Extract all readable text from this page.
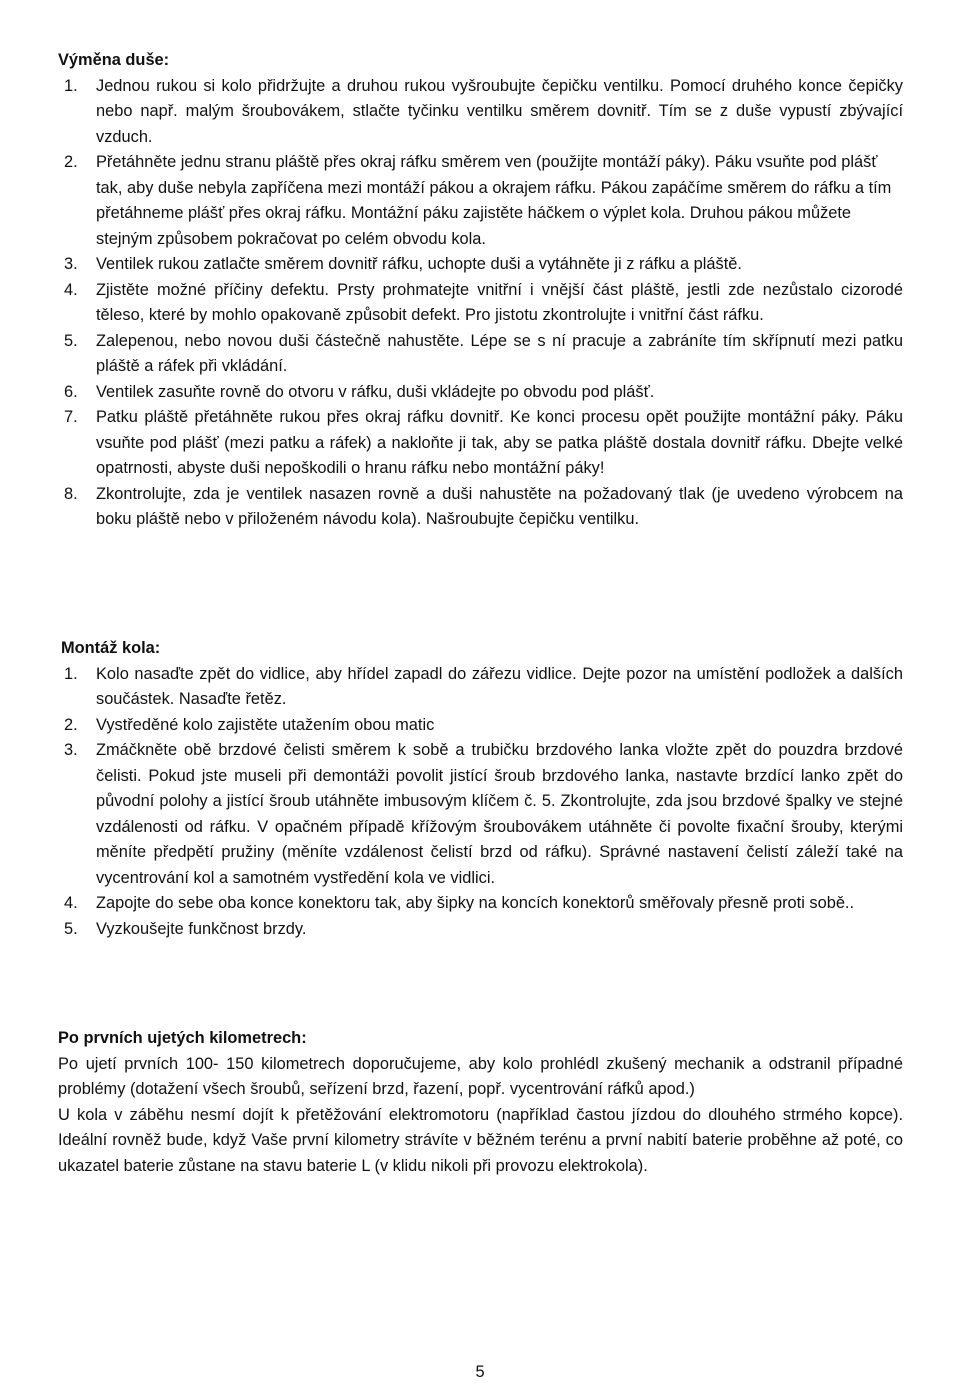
Výměna duše:
1. Jednou rukou si kolo přidržujte a druhou rukou vyšroubujte čepičku ventilku. Pomocí druhého konce čepičky nebo např. malým šroubovákem, stlačte tyčinku ventilku směrem dovnitř. Tím se z duše vypustí zbývající vzduch.
2. Přetáhněte jednu stranu pláště přes okraj ráfku směrem ven (použijte montáží páky). Páku vsuňte pod plášť tak, aby duše nebyla zapříčena mezi montáží pákou a okrajem ráfku. Pákou zapáčíme směrem do ráfku a tím přetáhneme plášť přes okraj ráfku. Montážní páku zajistěte háčkem o výplet kola. Druhou pákou můžete stejným způsobem pokračovat po celém obvodu kola.
3. Ventilek rukou zatlačte směrem dovnitř ráfku, uchopte duši a vytáhněte ji z ráfku a pláště.
4. Zjistěte možné příčiny defektu. Prsty prohmatejte vnitřní i vnější část pláště, jestli zde nezůstalo cizorodé těleso, které by mohlo opakovaně způsobit defekt. Pro jistotu zkontrolujte i vnitřní část ráfku.
5. Zalepenou, nebo novou duši částečně nahustěte. Lépe se s ní pracuje a zabráníte tím skřípnutí mezi patku pláště a ráfek při vkládání.
6. Ventilek zasuňte rovně do otvoru v ráfku, duši vkládejte po obvodu pod plášť.
7. Patku pláště přetáhněte rukou přes okraj ráfku dovnitř. Ke konci procesu opět použijte montážní páky. Páku vsuňte pod plášť (mezi patku a ráfek) a nakloňte ji tak, aby se patka pláště dostala dovnitř ráfku. Dbejte velké opatrnosti, abyste duši nepoškodili o hranu ráfku nebo montážní páky!
8. Zkontrolujte, zda je ventilek nasazen rovně a duši nahustěte na požadovaný tlak (je uvedeno výrobcem na boku pláště nebo v přiloženém návodu kola). Našroubujte čepičku ventilku.
Montáž kola:
1. Kolo nasaďte zpět do vidlice, aby hřídel zapadl do zářezu vidlice. Dejte pozor na umístění podložek a dalších součástek. Nasaďte řetěz.
2. Vystředěné kolo zajistěte utažením obou matic
3. Zmáčkněte obě brzdové čelisti směrem k sobě a trubičku brzdového lanka vložte zpět do pouzdra brzdové čelisti. Pokud jste museli při demontáži povolit jistící šroub brzdového lanka, nastavte brzdící lanko zpět do původní polohy a jistící šroub utáhněte imbusovým klíčem č. 5. Zkontrolujte, zda jsou brzdové špalky ve stejné vzdálenosti od ráfku. V opačném případě křížovým šroubovákem utáhněte či povolte fixační šrouby, kterými měníte předpětí pružiny (měníte vzdálenost čelistí brzd od ráfku). Správné nastavení čelistí záleží také na vycentrování kol a samotném vystředění kola ve vidlici.
4. Zapojte do sebe oba konce konektoru tak, aby šipky na koncích konektorů směřovaly přesně proti sobě..
5. Vyzkoušejte funkčnost brzdy.
Po prvních ujetých kilometrech:

Po ujetí prvních 100- 150 kilometrech doporučujeme, aby kolo prohlédl zkušený mechanik a odstranil případné problémy (dotažení všech šroubů, seřízení brzd, řazení, popř. vycentrování ráfků apod.)

U kola v záběhu nesmí dojít k přetěžování elektromotoru (například častou jízdou do dlouhého strmého kopce). Ideální rovněž bude, když Vaše první kilometry strávíte v běžném terénu a první nabití baterie proběhne až poté, co ukazatel baterie zůstane na stavu baterie L (v klidu nikoli při provozu elektrokola).

5
